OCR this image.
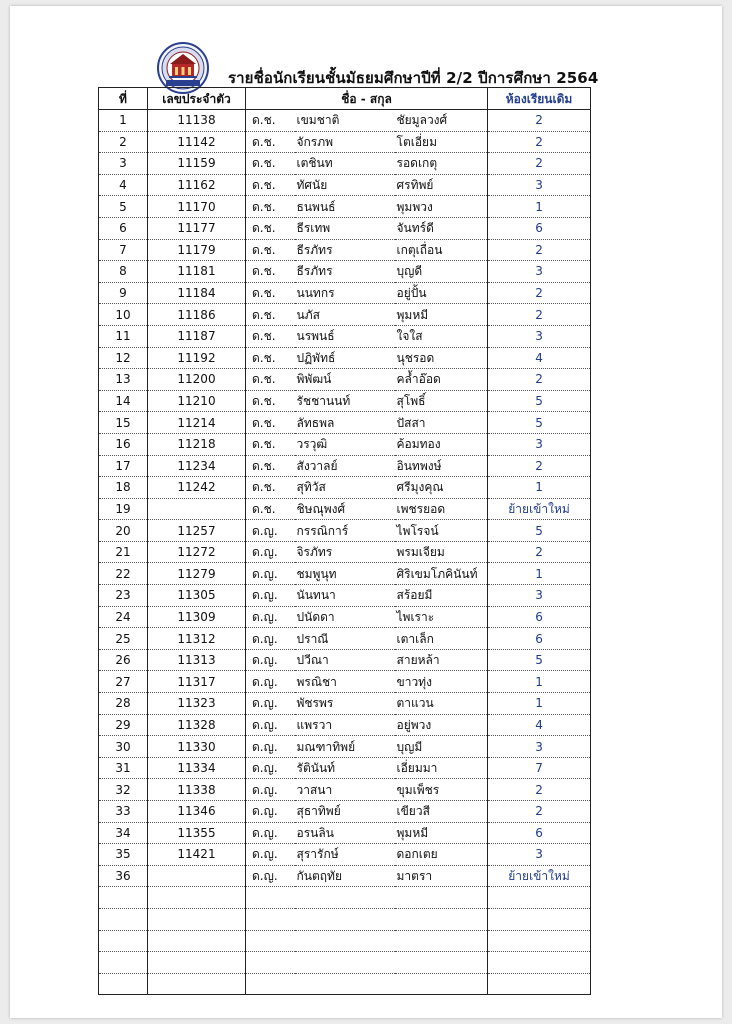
รายชื่อนักเรียนชั้นมัธยมศึกษาปีที่ 2/2 ปีการศึกษา 2564
ที่	เลขประจำตัว	ชื่อ - สกุล			ห้องเรียนเดิม
1	11138	ด.ช.	เขมชาติ	ชัยมูลวงศ์	2
2	11142	ด.ช.	จักรภพ	โตเอี่ยม	2
3	11159	ด.ช.	เตชินท	รอดเกตุ	2
4	11162	ด.ช.	ทัศนัย	ศรทิพย์	3
5	11170	ด.ช.	ธนพนธ์	พุมพวง	1
6	11177	ด.ช.	ธีรเทพ	จันทร์ดี	6
7	11179	ด.ช.	ธีรภัทร	เกตุเถื่อน	2
8	11181	ด.ช.	ธีรภัทร	บุญดี	3
9	11184	ด.ช.	นนทกร	อยู่ปั้น	2
10	11186	ด.ช.	นภัส	พุมหมี	2
11	11187	ด.ช.	นรพนธ์	ใจใส	3
12	11192	ด.ช.	ปฏิพัทธ์	นุชรอด	4
13	11200	ด.ช.	พิพัฒน์	คล้ำอ๊อด	2
14	11210	ด.ช.	รัชชานนท์	สุโพธิ์	5
15	11214	ด.ช.	ลัทธพล	ปัสสา	5
16	11218	ด.ช.	วรวุฒิ	ค้อมทอง	3
17	11234	ด.ช.	สังวาลย์	อินทพงษ์	2
18	11242	ด.ช.	สุทิวัส	ศรีมุงคุณ	1
19		ด.ช.	ชิษณุพงศ์	เพชรยอด	ย้ายเข้าใหม่
20	11257	ด.ญ.	กรรณิการ์	ไพโรจน์	5
21	11272	ด.ญ.	จิรภัทร	พรมเจียม	2
22	11279	ด.ญ.	ชมพูนุท	ศิริเขมโภคินันท์	1
23	11305	ด.ญ.	นันทนา	สร้อยมี	3
24	11309	ด.ญ.	ปนัดดา	ไพเราะ	6
25	11312	ด.ญ.	ปราณี	เตาเล็ก	6
26	11313	ด.ญ.	ปวีณา	สายหล้า	5
27	11317	ด.ญ.	พรณิชา	ขาวทุ่ง	1
28	11323	ด.ญ.	พัชรพร	ตาแวน	1
29	11328	ด.ญ.	แพรวา	อยู่พวง	4
30	11330	ด.ญ.	มณฑาทิพย์	บุญมี	3
31	11334	ด.ญ.	รัตินันท์	เอี่ยมมา	7
32	11338	ด.ญ.	วาสนา	ขุมเพ็ชร	2
33	11346	ด.ญ.	สุธาทิพย์	เขียวสี	2
34	11355	ด.ญ.	อรนลิน	พุมหมี	6
35	11421	ด.ญ.	สุรารักษ์	ดอกเตย	3
36		ด.ญ.	กันตฤทัย	มาตรา	ย้ายเข้าใหม่
